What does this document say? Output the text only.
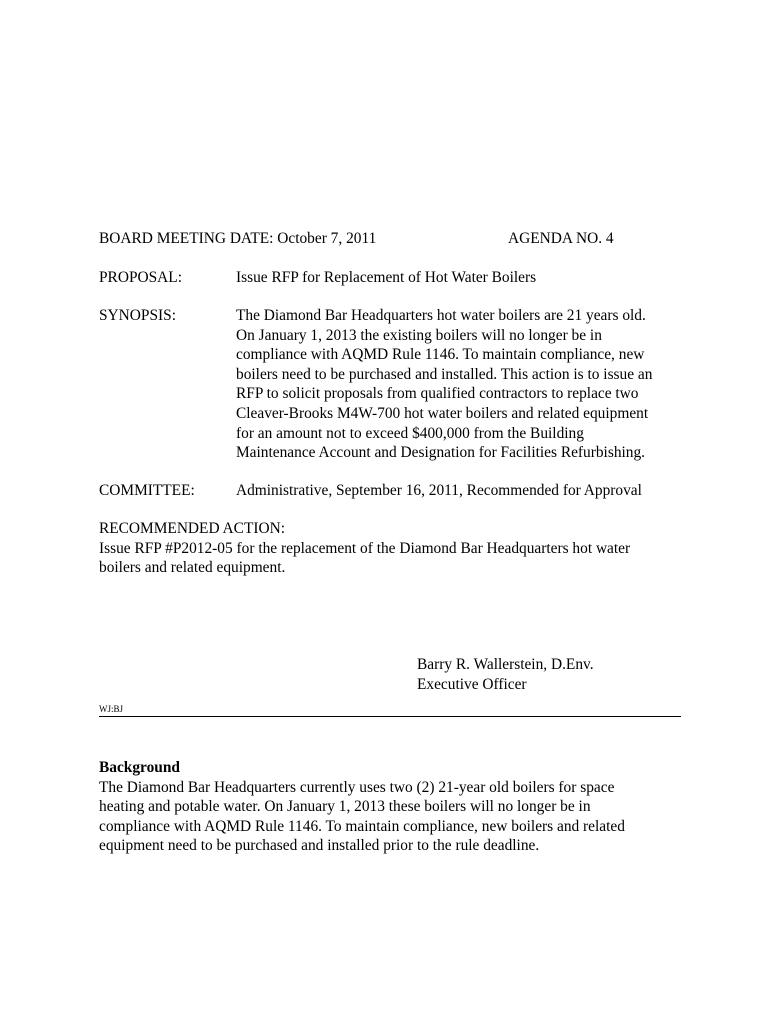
BOARD MEETING DATE: October 7, 2011	AGENDA NO. 4
PROPOSAL:	Issue RFP for Replacement of Hot Water Boilers
SYNOPSIS:	The Diamond Bar Headquarters hot water boilers are 21 years old.
On January 1, 2013 the existing boilers will no longer be in
compliance with AQMD Rule 1146. To maintain compliance, new
boilers need to be purchased and installed. This action is to issue an
RFP to solicit proposals from qualified contractors to replace two
Cleaver-Brooks M4W-700 hot water boilers and related equipment
for an amount not to exceed $400,000 from the Building
Maintenance Account and Designation for Facilities Refurbishing.
COMMITTEE:	Administrative, September 16, 2011, Recommended for Approval
RECOMMENDED ACTION:
Issue RFP #P2012-05 for the replacement of the Diamond Bar Headquarters hot water
boilers and related equipment.
Barry R. Wallerstein, D.Env.
Executive Officer
WJ:BJ
Background
The Diamond Bar Headquarters currently uses two (2) 21-year old boilers for space
heating and potable water. On January 1, 2013 these boilers will no longer be in
compliance with AQMD Rule 1146. To maintain compliance, new boilers and related
equipment need to be purchased and installed prior to the rule deadline.
